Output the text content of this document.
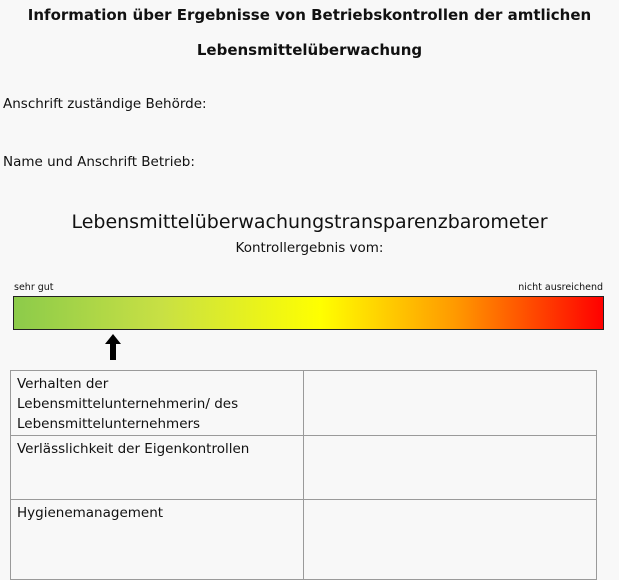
Information über Ergebnisse von Betriebskontrollen der amtlichen
Lebensmittelüberwachung
Anschrift zuständige Behörde:
Name und Anschrift Betrieb:
Lebensmittelüberwachungstransparenzbarometer
Kontrollergebnis vom:
sehr gut	nicht ausreichend
Verhalten der Lebensmittelunternehmerin/ des Lebensmittelunternehmers	
Verlässlichkeit der Eigenkontrollen	
Hygienemanagement	
